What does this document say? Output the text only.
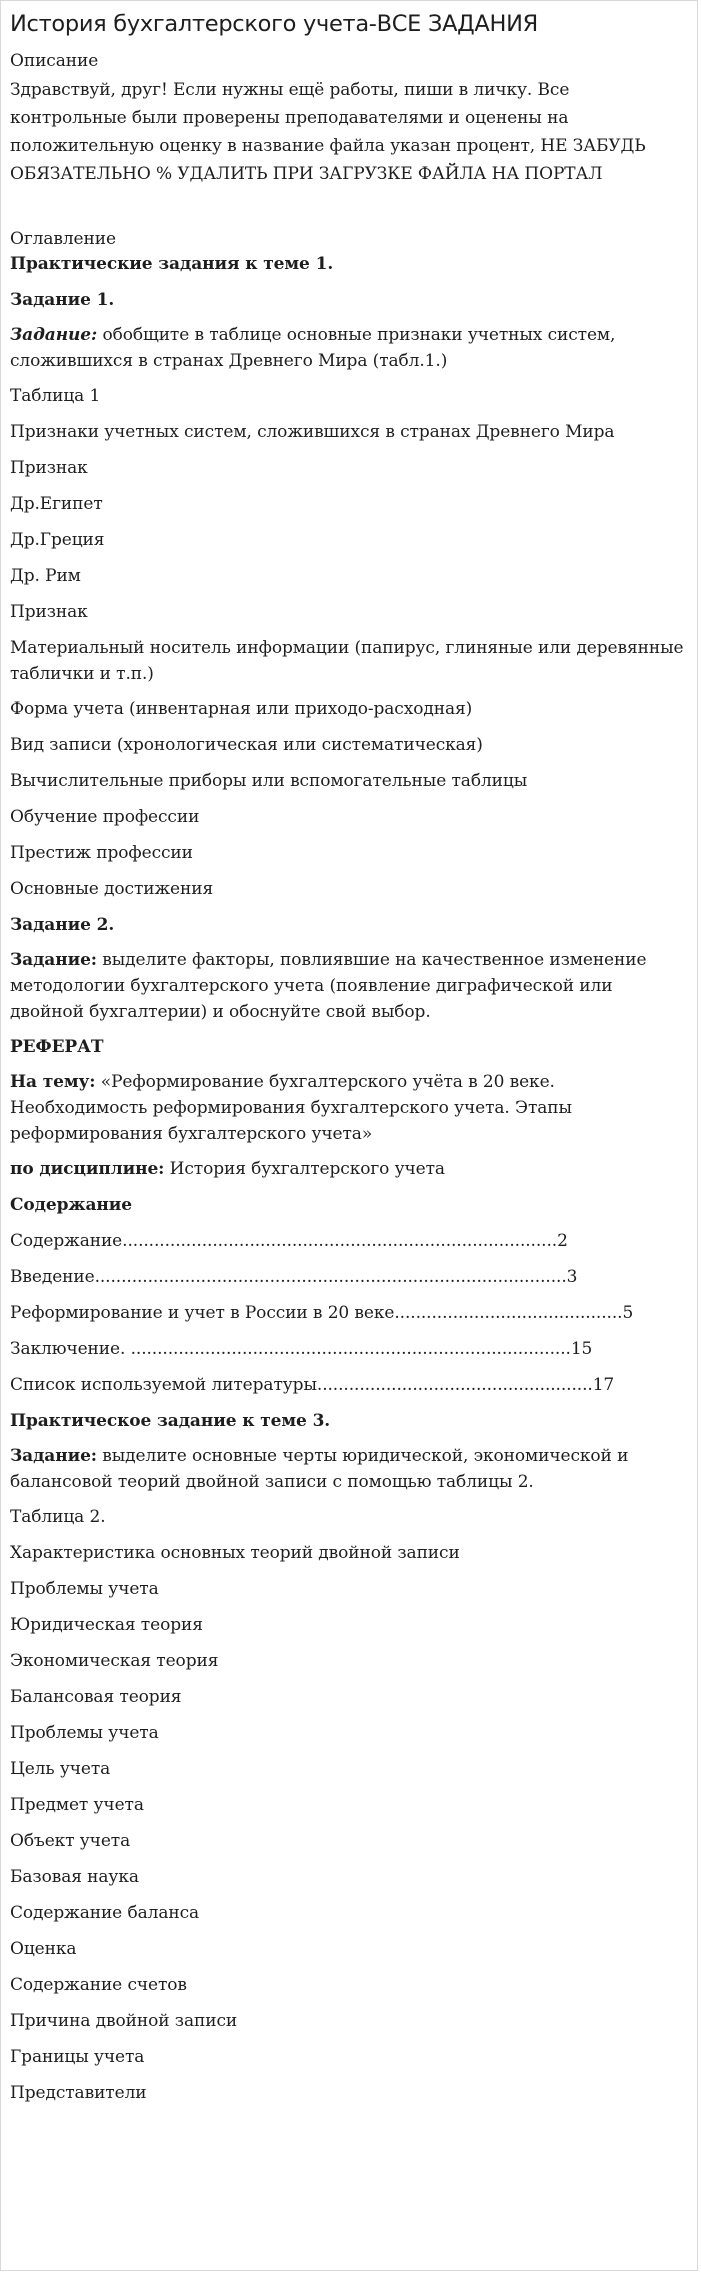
История бухгалтерского учета-ВСЕ ЗАДАНИЯ
Описание
Здравствуй, друг! Если нужны ещё работы, пиши в личку. Все контрольные были проверены преподавателями и оценены на положительную оценку в название файла указан процент, НЕ ЗАБУДЬ ОБЯЗАТЕЛЬНО % УДАЛИТЬ ПРИ ЗАГРУЗКЕ ФАЙЛА НА ПОРТАЛ
Оглавление
Практические задания к теме 1.
Задание 1.
Задание: обобщите в таблице основные признаки учетных систем, сложившихся в странах Древнего Мира (табл.1.)
Таблица 1
Признаки учетных систем, сложившихся в странах Древнего Мира
Признак
Др.Египет
Др.Греция
Др. Рим
Признак
Материальный носитель информации (папирус, глиняные или деревянные таблички и т.п.)
Форма учета (инвентарная или приходо-расходная)
Вид записи (хронологическая или систематическая)
Вычислительные приборы или вспомогательные таблицы
Обучение профессии
Престиж профессии
Основные достижения
Задание 2.
Задание: выделите факторы, повлиявшие на качественное изменение методологии бухгалтерского учета (появление диграфической или двойной бухгалтерии) и обоснуйте свой выбор.
РЕФЕРАТ
На тему: «Реформирование бухгалтерского учёта в 20 веке. Необходимость реформирования бухгалтерского учета. Этапы реформирования бухгалтерского учета»
по дисциплине: История бухгалтерского учета
Содержание
Содержание..................................................................................2
Введение.........................................................................................3
Реформирование и учет в России в 20 веке...........................................5
Заключение. ...................................................................................15
Список используемой литературы....................................................17
Практическое задание к теме 3.
Задание: выделите основные черты юридической, экономической и балансовой теорий двойной записи с помощью таблицы 2.
Таблица 2.
Характеристика основных теорий двойной записи
Проблемы учета
Юридическая теория
Экономическая теория
Балансовая теория
Проблемы учета
Цель учета
Предмет учета
Объект учета
Базовая наука
Содержание баланса
Оценка
Содержание счетов
Причина двойной записи
Границы учета
Представители
